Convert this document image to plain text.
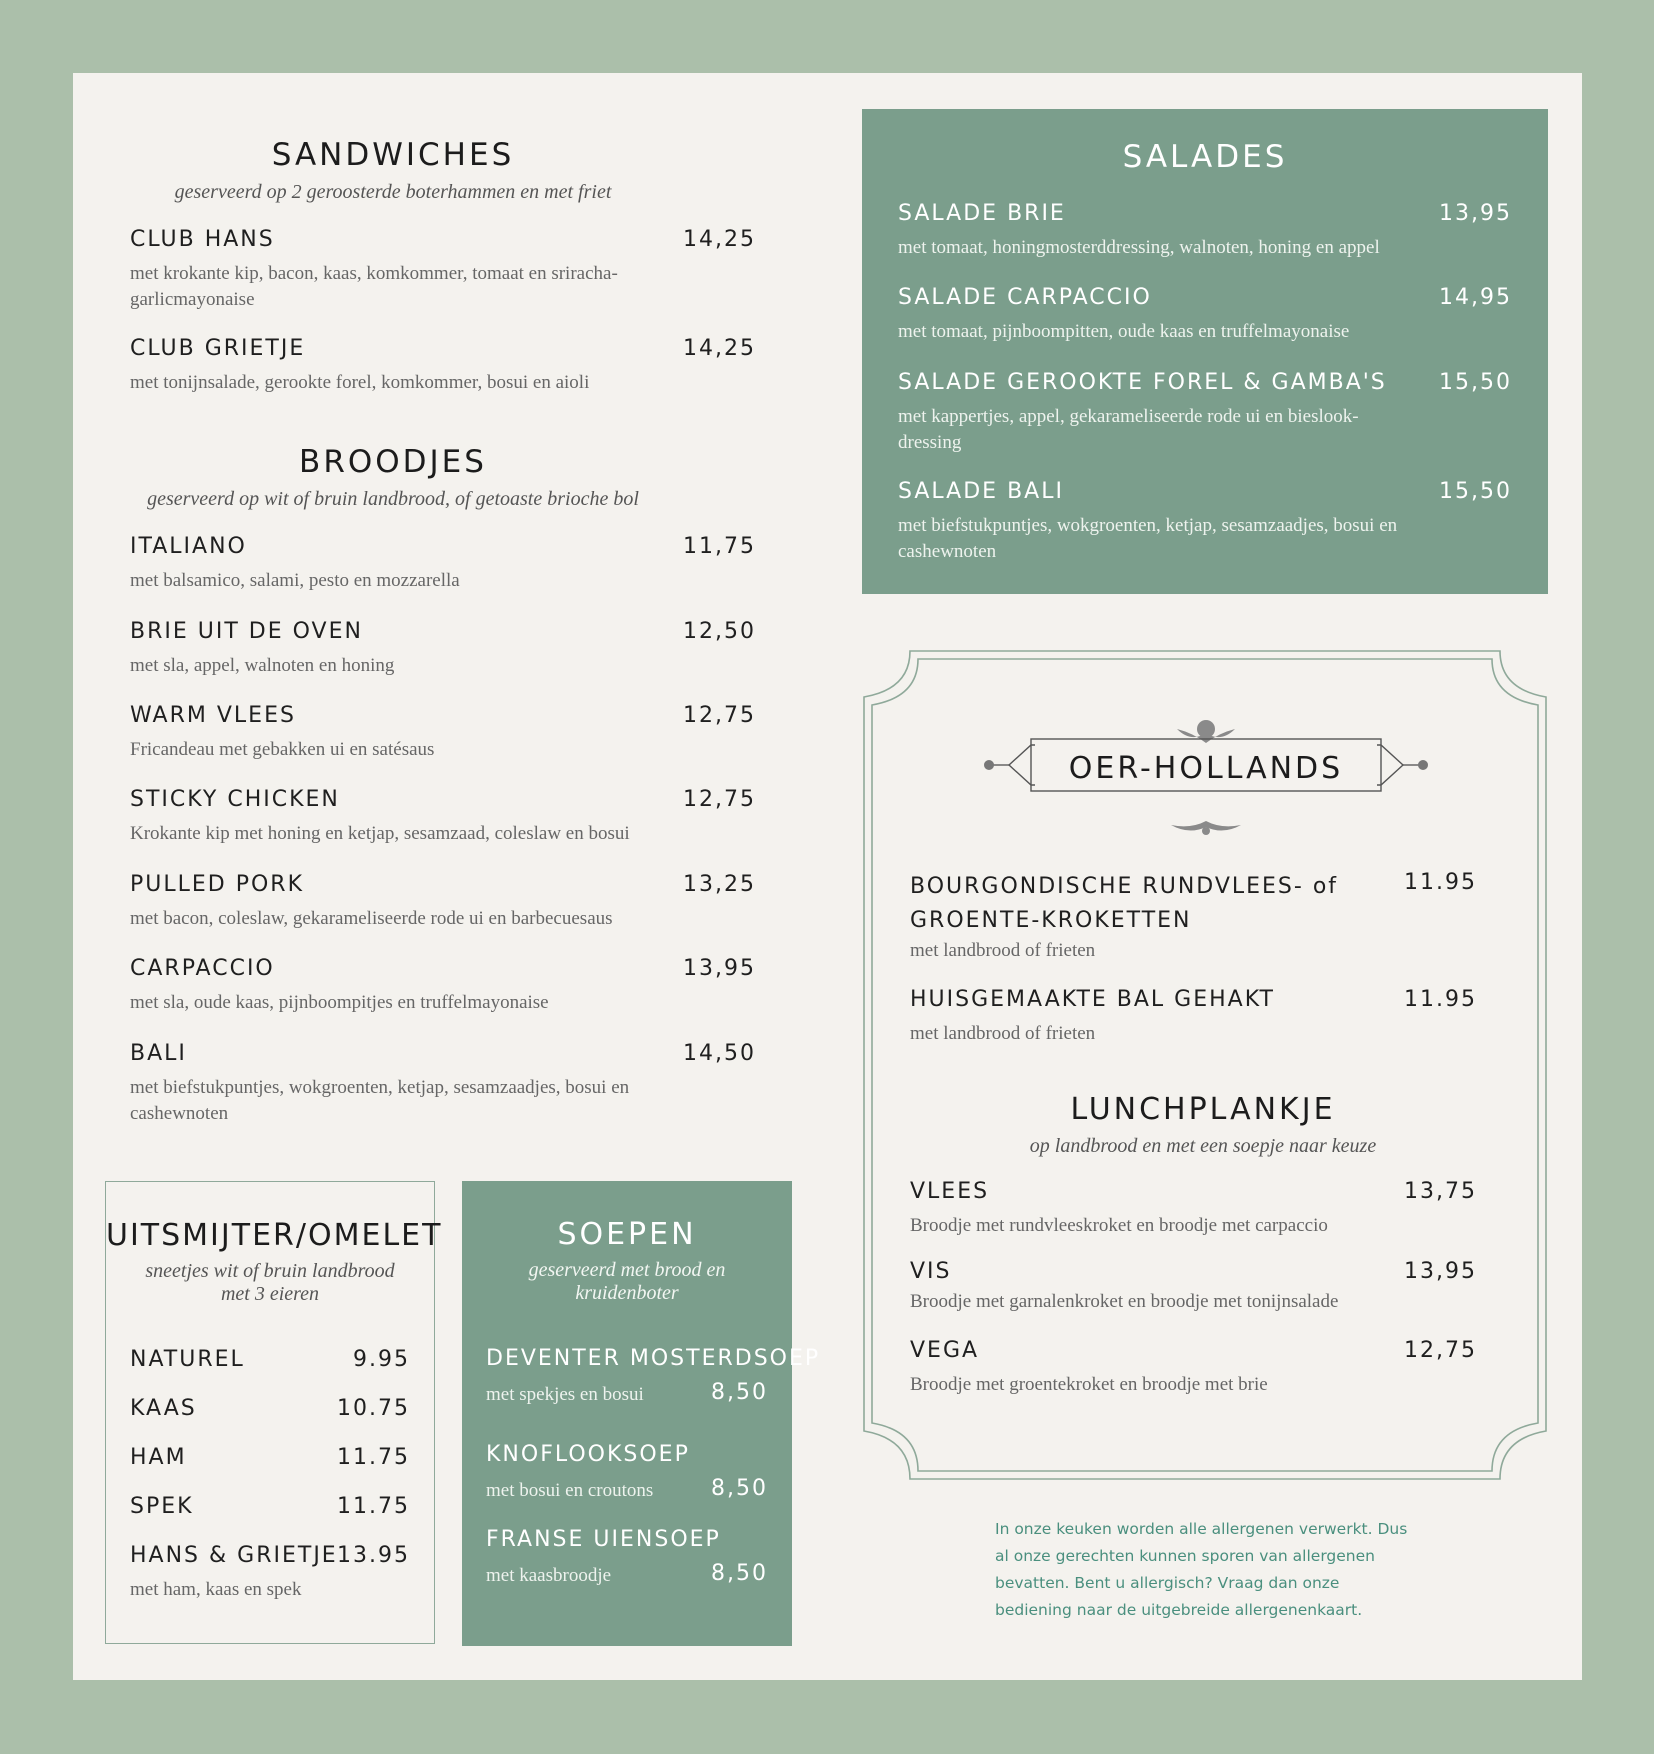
SANDWICHES
geserveerd op 2 geroosterde boterhammen en met friet
CLUB HANS	14,25
met krokante kip, bacon, kaas, komkommer, tomaat en sriracha-garlicmayonaise
CLUB GRIETJE	14,25
met tonijnsalade, gerookte forel, komkommer, bosui en aioli
BROODJES
geserveerd op wit of bruin landbrood, of getoaste brioche bol
ITALIANO	11,75
met balsamico, salami, pesto en mozzarella
BRIE UIT DE OVEN	12,50
met sla, appel, walnoten en honing
WARM VLEES	12,75
Fricandeau met gebakken ui en satésaus
STICKY CHICKEN	12,75
Krokante kip met honing en ketjap, sesamzaad, coleslaw en bosui
PULLED PORK	13,25
met bacon, coleslaw, gekarameliseerde rode ui en barbecuesaus
CARPACCIO	13,95
met sla, oude kaas, pijnboompitjes en truffelmayonaise
BALI	14,50
met biefstukpuntjes, wokgroenten, ketjap, sesamzaadjes, bosui en cashewnoten
UITSMIJTER/OMELET
sneetjes wit of bruin landbrood met 3 eieren
NATUREL	9.95
KAAS	10.75
HAM	11.75
SPEK	11.75
HANS & GRIETJE 13.95
met ham, kaas en spek
SOEPEN
geserveerd met brood en kruidenboter
DEVENTER MOSTERDSOEP
met spekjes en bosui	8,50
KNOFLOOKSOEP
met bosui en croutons	8,50
FRANSE UIENSOEP
met kaasbroodje	8,50
SALADES
SALADE BRIE	13,95
met tomaat, honingmosterddressing, walnoten, honing en appel
SALADE CARPACCIO	14,95
met tomaat, pijnboompitten, oude kaas en truffelmayonaise
SALADE GEROOKTE FOREL & GAMBA'S	15,50
met kappertjes, appel, gekarameliseerde rode ui en bieslook-dressing
SALADE BALI	15,50
met biefstukpuntjes, wokgroenten, ketjap, sesamzaadjes, bosui en cashewnoten
OER-HOLLANDS
BOURGONDISCHE RUNDVLEES- of GROENTE-KROKETTEN
11.95
met landbrood of frieten
HUISGEMAAKTE BAL GEHAKT	11.95
met landbrood of frieten
LUNCHPLANKJE
op landbrood en met een soepje naar keuze
VLEES	13,75
Broodje met rundvleeskroket en broodje met carpaccio
VIS	13,95
Broodje met garnalenkroket en broodje met tonijnsalade
VEGA	12,75
Broodje met groentekroket en broodje met brie
In onze keuken worden alle allergenen verwerkt. Dus al onze gerechten kunnen sporen van allergenen bevatten. Bent u allergisch? Vraag dan onze bediening naar de uitgebreide allergenenkaart.
